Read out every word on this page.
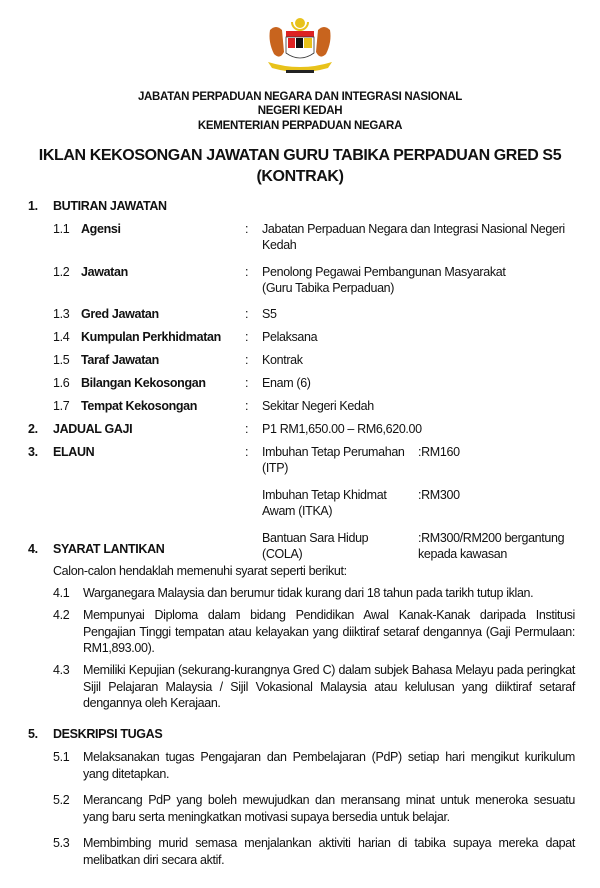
JABATAN PERPADUAN NEGARA DAN INTEGRASI NASIONAL
NEGERI KEDAH
KEMENTERIAN PERPADUAN NEGARA
IKLAN KEKOSONGAN JAWATAN GURU TABIKA PERPADUAN GRED S5
(KONTRAK)
1. BUTIRAN JAWATAN
1.1 Agensi	: Jabatan Perpaduan Negara dan Integrasi Nasional Negeri Kedah
1.2 Jawatan	: Penolong Pegawai Pembangunan Masyarakat
(Guru Tabika Perpaduan)
1.3 Gred Jawatan	: S5
1.4 Kumpulan Perkhidmatan : Pelaksana
1.5 Taraf Jawatan	: Kontrak
1.6 Bilangan Kekosongan	: Enam (6)
1.7 Tempat Kekosongan	: Sekitar Negeri Kedah
2. JADUAL GAJI	: P1 RM1,650.00 – RM6,620.00
3. ELAUN	: Imbuhan Tetap Perumahan (ITP)
:RM160
Imbuhan Tetap Khidmat Awam (ITKA)
:RM300
Bantuan Sara Hidup (COLA)
:RM300/RM200 bergantung kepada kawasan
4. SYARAT LANTIKAN
Calon-calon hendaklah memenuhi syarat seperti berikut:
4.1 Warganegara Malaysia dan berumur tidak kurang dari 18 tahun pada tarikh tutup iklan.
4.2 Mempunyai Diploma dalam bidang Pendidikan Awal Kanak-Kanak daripada Institusi Pengajian Tinggi tempatan atau kelayakan yang diiktiraf setaraf dengannya (Gaji Permulaan: RM1,893.00).
4.3 Memiliki Kepujian (sekurang-kurangnya Gred C) dalam subjek Bahasa Melayu pada peringkat Sijil Pelajaran Malaysia / Sijil Vokasional Malaysia atau kelulusan yang diiktiraf setaraf dengannya oleh Kerajaan.
5. DESKRIPSI TUGAS
5.1 Melaksanakan tugas Pengajaran dan Pembelajaran (PdP) setiap hari mengikut kurikulum yang ditetapkan.
5.2 Merancang PdP yang boleh mewujudkan dan meransang minat untuk meneroka sesuatu yang baru serta meningkatkan motivasi supaya bersedia untuk belajar.
5.3 Membimbing murid semasa menjalankan aktiviti harian di tabika supaya mereka dapat melibatkan diri secara aktif.
